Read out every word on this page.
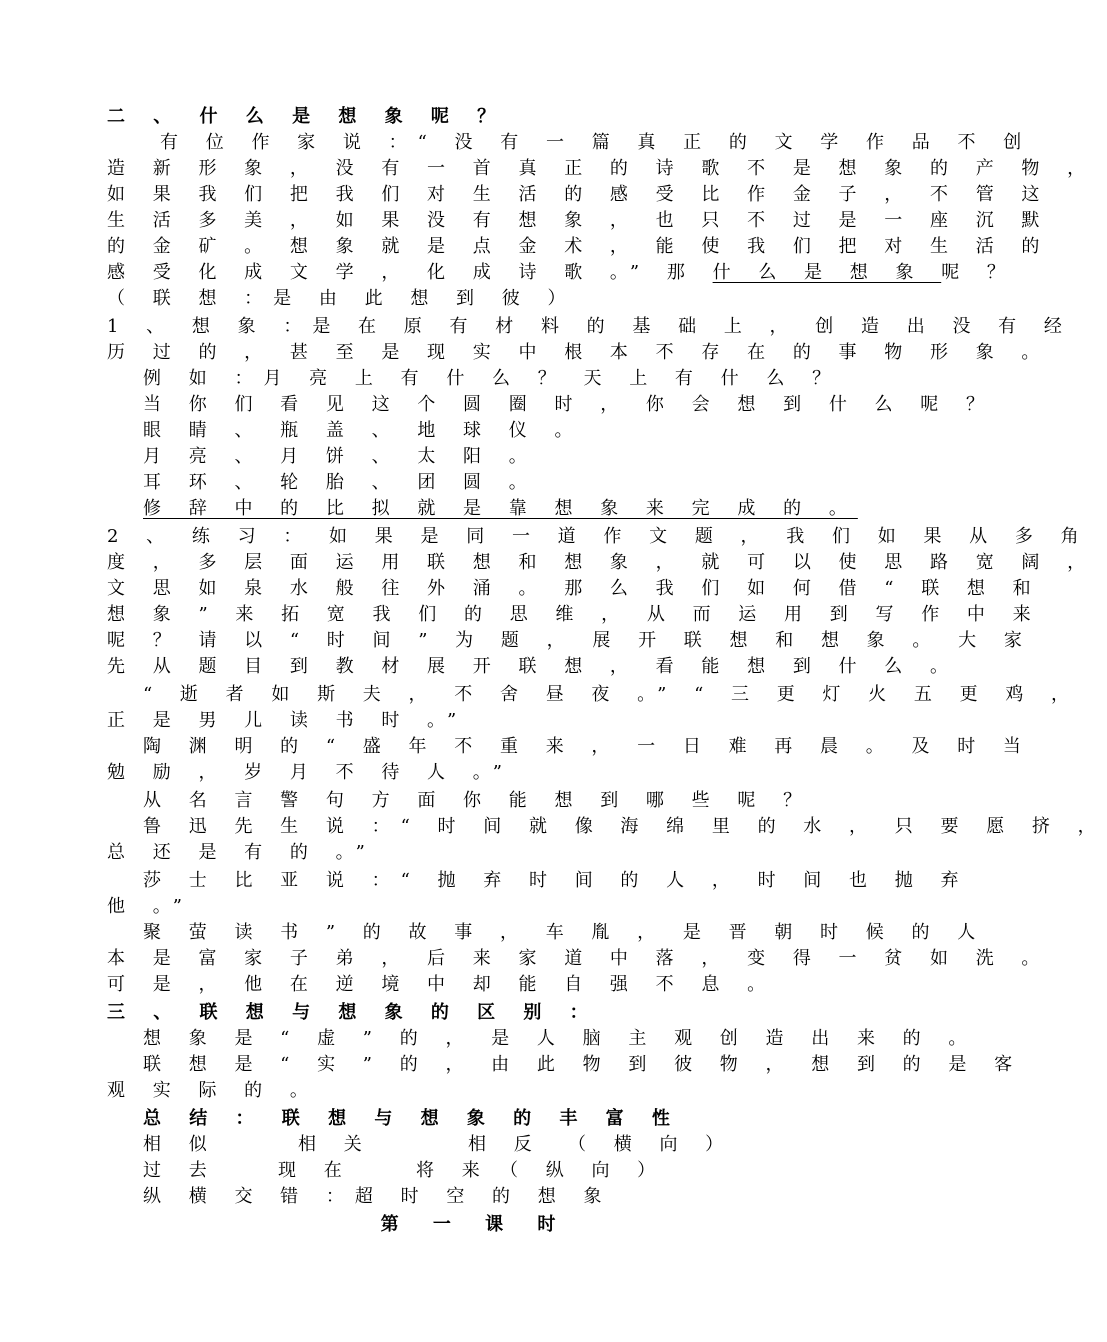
二 、 什 么 是 想 象 呢 ？
有 位 作 家 说 ：“ 没 有 一 篇 真 正 的 文 学 作 品 不 创
造 新 形 象 ， 没 有 一 首 真 正 的 诗 歌 不 是 想 象 的 产 物 ，
如 果 我 们 把 我 们 对 生 活 的 感 受 比 作 金 子 ， 不 管 这
生 活 多 美 ， 如 果 没 有 想 象 ， 也 只 不 过 是 一 座 沉 默
的 金 矿 。 想 象 就 是 点 金 术 ， 能 使 我 们 把 对 生 活 的
感 受 化 成 文 学 ， 化 成 诗 歌 。” 那 什 么 是 想 象 呢 ？
（ 联 想 ：是 由 此 想 到 彼 ）
1 、 想 象 ：是 在 原 有 材 料 的 基 础 上 ， 创 造 出 没 有 经
历 过 的 ， 甚 至 是 现 实 中 根 本 不 存 在 的 事 物 形 象 。
例 如 ：月 亮 上 有 什 么 ？ 天 上 有 什 么 ？
当 你 们 看 见 这 个 圆 圈 时 ， 你 会 想 到 什 么 呢 ？
眼 睛 、 瓶 盖 、 地 球 仪 。
月 亮 、 月 饼 、 太 阳 。
耳 环 、 轮 胎 、 团 圆 。
修 辞 中 的 比 拟 就 是 靠 想 象 来 完 成 的 。
2 、 练 习 ： 如 果 是 同 一 道 作 文 题 ， 我 们 如 果 从 多 角
度 ， 多 层 面 运 用 联 想 和 想 象 ， 就 可 以 使 思 路 宽 阔 ，
文 思 如 泉 水 般 往 外 涌 。 那 么 我 们 如 何 借 “ 联 想 和
想 象 ” 来 拓 宽 我 们 的 思 维 ， 从 而 运 用 到 写 作 中 来
呢 ？ 请 以 “ 时 间 ” 为 题 ， 展 开 联 想 和 想 象 。 大 家
先 从 题 目 到 教 材 展 开 联 想 ， 看 能 想 到 什 么 。
“ 逝 者 如 斯 夫 ， 不 舍 昼 夜 。” “ 三 更 灯 火 五 更 鸡 ，
正 是 男 儿 读 书 时 。”
陶 渊 明 的 “ 盛 年 不 重 来 ， 一 日 难 再 晨 。 及 时 当
勉 励 ， 岁 月 不 待 人 。”
从 名 言 警 句 方 面 你 能 想 到 哪 些 呢 ？
鲁 迅 先 生 说 ：“ 时 间 就 像 海 绵 里 的 水 ， 只 要 愿 挤 ，
总 还 是 有 的 。”
莎 士 比 亚 说 ：“ 抛 弃 时 间 的 人 ， 时 间 也 抛 弃
他 。”
聚 萤 读 书 ” 的 故 事 ， 车 胤 ， 是 晋 朝 时 候 的 人
本 是 富 家 子 弟 ， 后 来 家 道 中 落 ， 变 得 一 贫 如 洗 。
可 是 ， 他 在 逆 境 中 却 能 自 强 不 息 。
三 、 联 想 与 想 象 的 区 别 ：
想 象 是 “ 虚 ” 的 ， 是 人 脑 主 观 创 造 出 来 的 。
联 想 是 “ 实 ” 的 ， 由 此 物 到 彼 物 ， 想 到 的 是 客
观 实 际 的 。
总 结 ： 联 想 与 想 象 的 丰 富 性
相 似	相 关	相 反 （ 横 向 ）
过 去	现 在	将 来 （ 纵 向 ）
纵 横 交 错 ：超 时 空 的 想 象
第 一 课 时
